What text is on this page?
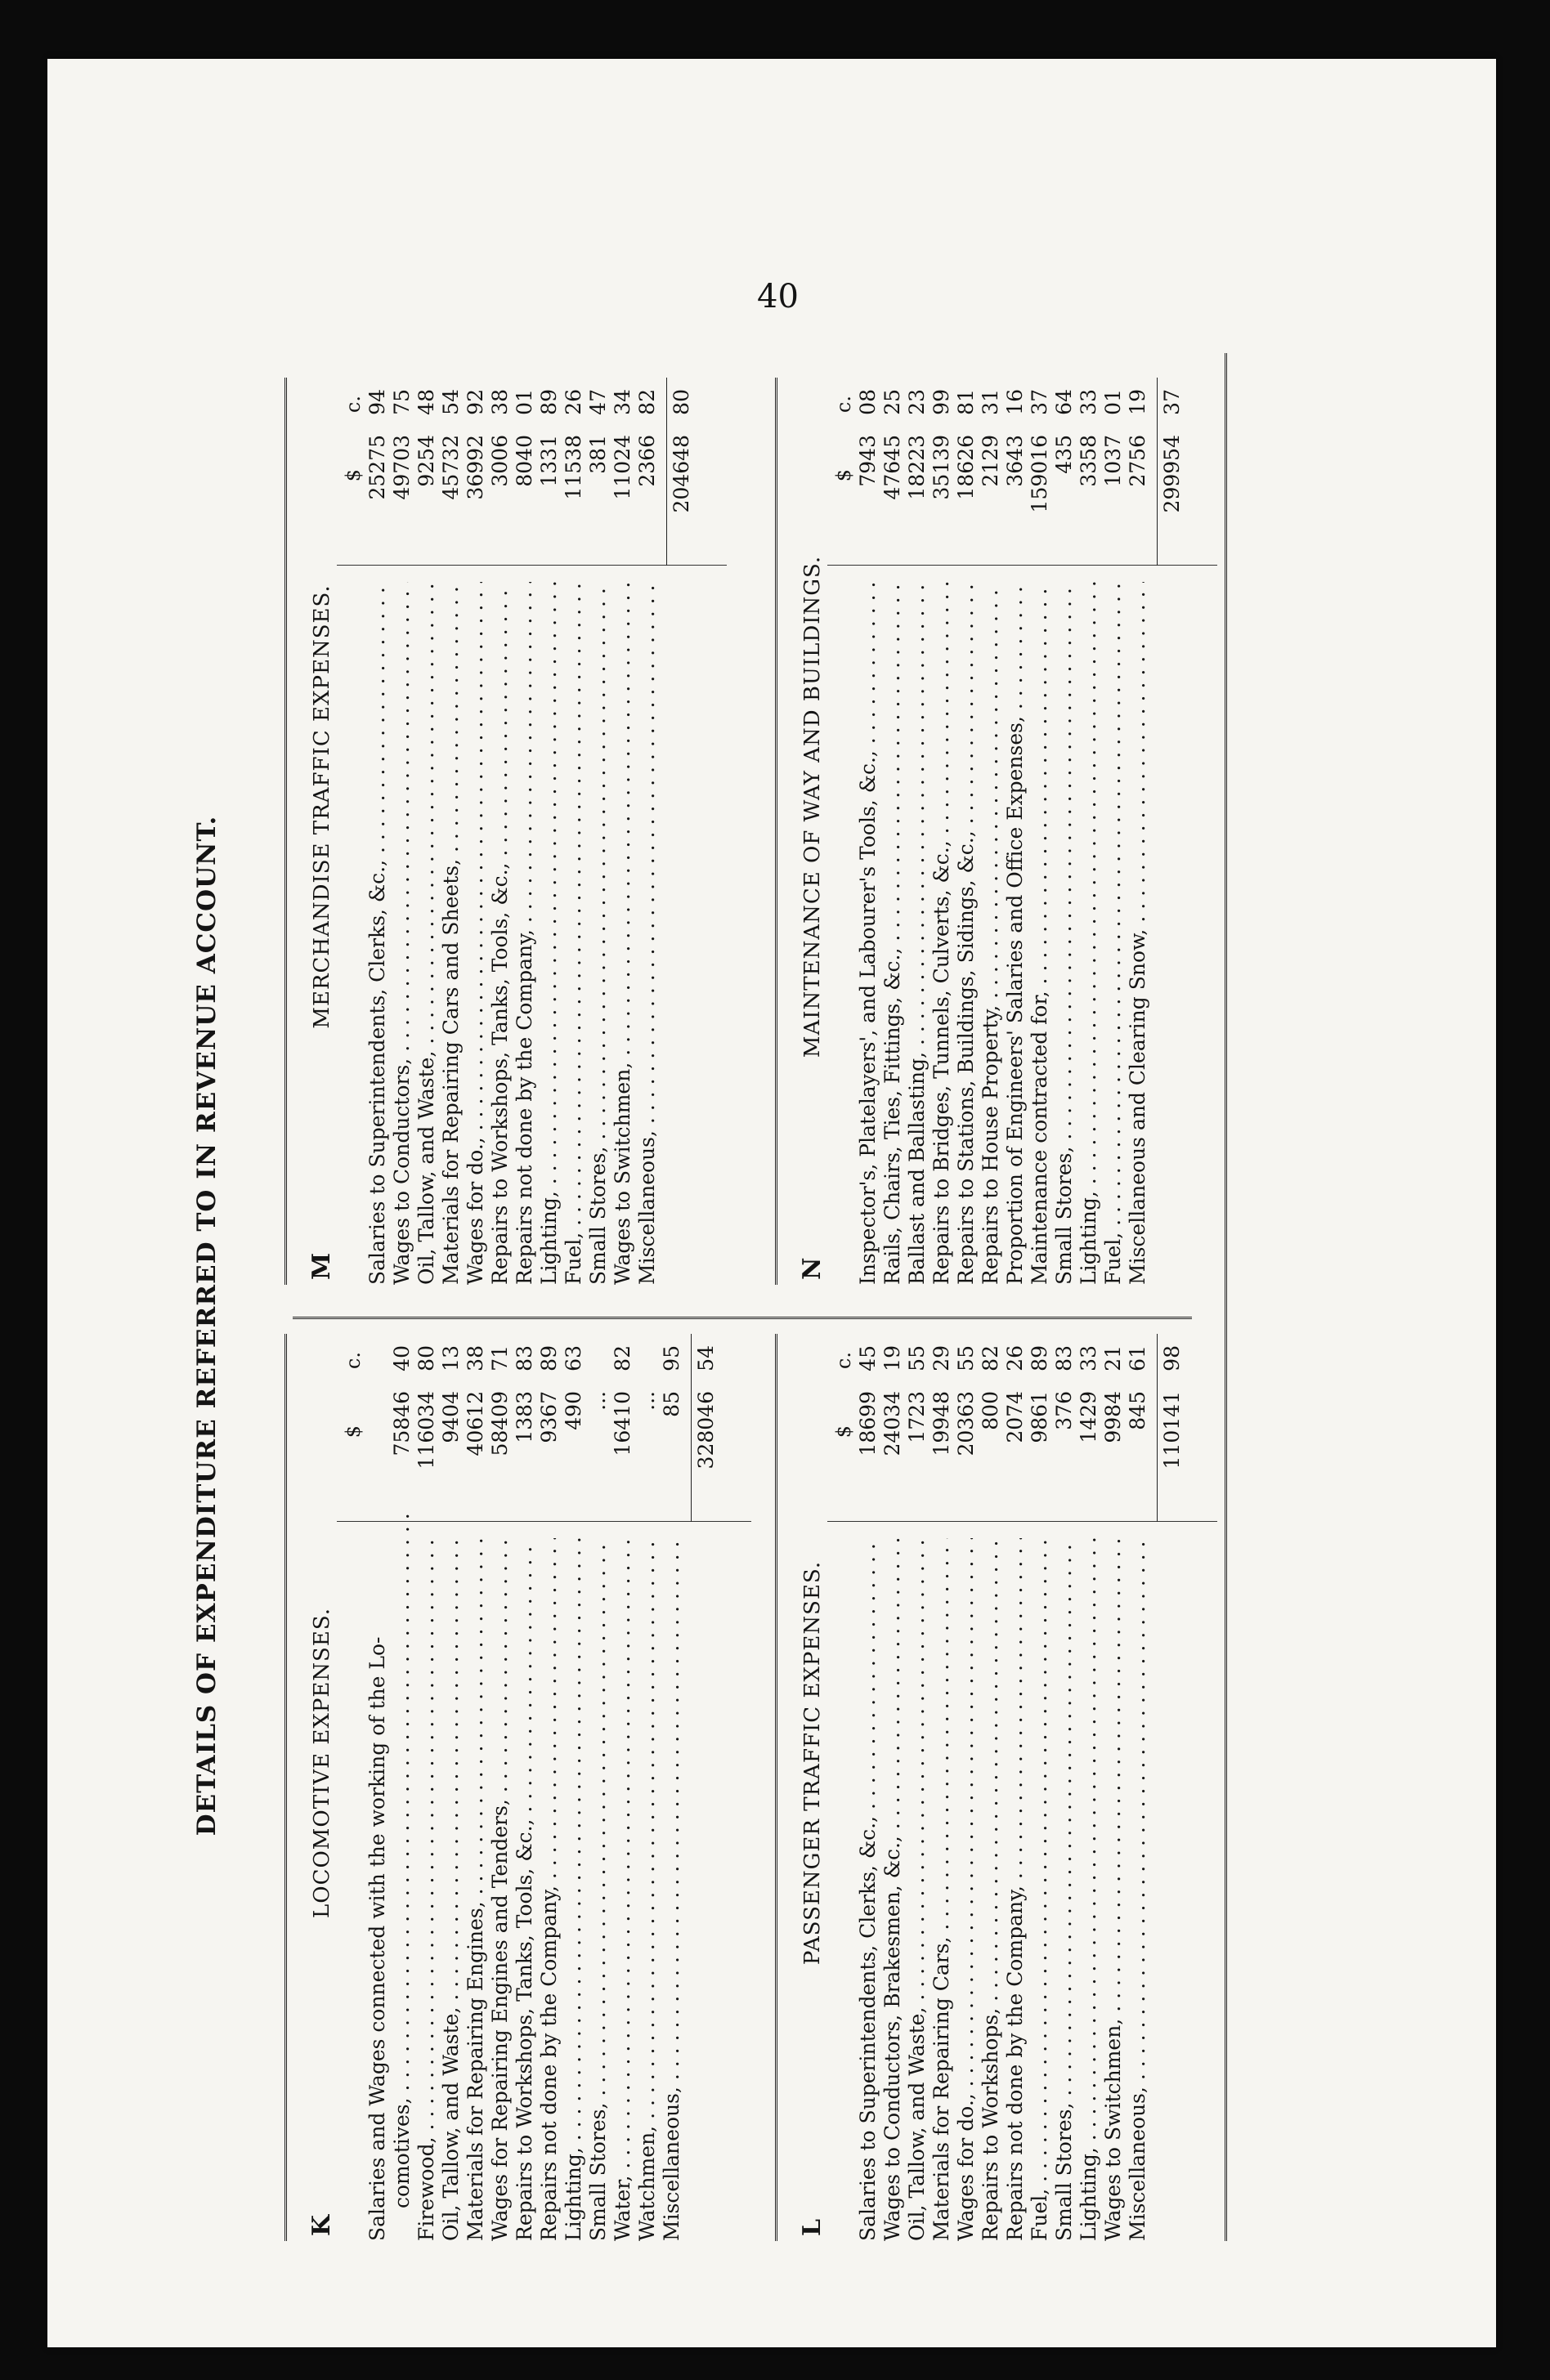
40
DETAILS OF EXPENDITURE REFERRED TO IN REVENUE ACCOUNT.
K
LOCOMOTIVE EXPENSES.
$
c.
Salaries and Wages connected with the working of the Lo- comotives, . . .
75846
40
Firewood, . . .
116034
80
Oil, Tallow, and Waste, . . .
9404
13
Materials for Repairing Engines, . . .
40612
38
Wages for Repairing Engines and Tenders, . . .
58409
71
Repairs to Workshops, Tanks, Tools, &c., . . .
1383
83
Repairs not done by the Company, . . .
9367
89
Lighting, . . .
490
63
Small Stores, . . .
...
Water, . . .
16410
82
Watchmen, . . .
...
Miscellaneous, . . .
85
95
328046
54
M
MERCHANDISE TRAFFIC EXPENSES.
$
c.
Salaries to Superintendents, Clerks, &c., . . .
25275
94
Wages to Conductors, . . .
49703
75
Oil, Tallow, and Waste, . . .
9254
48
Materials for Repairing Cars and Sheets, . . .
45732
54
Wages for do., . . .
36992
92
Repairs to Workshops, Tanks, Tools, &c., . . .
3006
38
Repairs not done by the Company, . . .
8040
01
Lighting, . . .
1331
89
Fuel, . . .
11538
26
Small Stores, . . .
381
47
Wages to Switchmen, . . .
11024
34
Miscellaneous, . . .
2366
82
204648
80
L
PASSENGER TRAFFIC EXPENSES.
$
c.
Salaries to Superintendents, Clerks, &c., . . .
18699
45
Wages to Conductors, Brakesmen, &c., . . .
24034
19
Oil, Tallow, and Waste, . . .
1723
55
Materials for Repairing Cars, . . .
19948
29
Wages for do., . . .
20363
55
Repairs to Workshops, . . .
800
82
Repairs not done by the Company, . . .
2074
26
Fuel, . . .
9861
89
Small Stores, . . .
376
83
Lighting, . . .
1429
33
Wages to Switchmen, . . .
9984
21
Miscellaneous, . . .
845
61
110141
98
N
MAINTENANCE OF WAY AND BUILDINGS.
$
c.
Inspector's, Platelayers', and Labourer's Tools, &c., . . .
7943
08
Rails, Chairs, Ties, Fittings, &c., . . .
47645
25
Ballast and Ballasting, . . .
18223
23
Repairs to Bridges, Tunnels, Culverts, &c., . . .
35139
99
Repairs to Stations, Buildings, Sidings, &c., . . .
18626
81
Repairs to House Property, . . .
2129
31
Proportion of Engineers' Salaries and Office Expenses, . . .
3643
16
Maintenance contracted for, . . .
159016
37
Small Stores, . . .
435
64
Lighting, . . .
3358
33
Fuel, . . .
1037
01
Miscellaneous and Clearing Snow, . . .
2756
19
299954
37
